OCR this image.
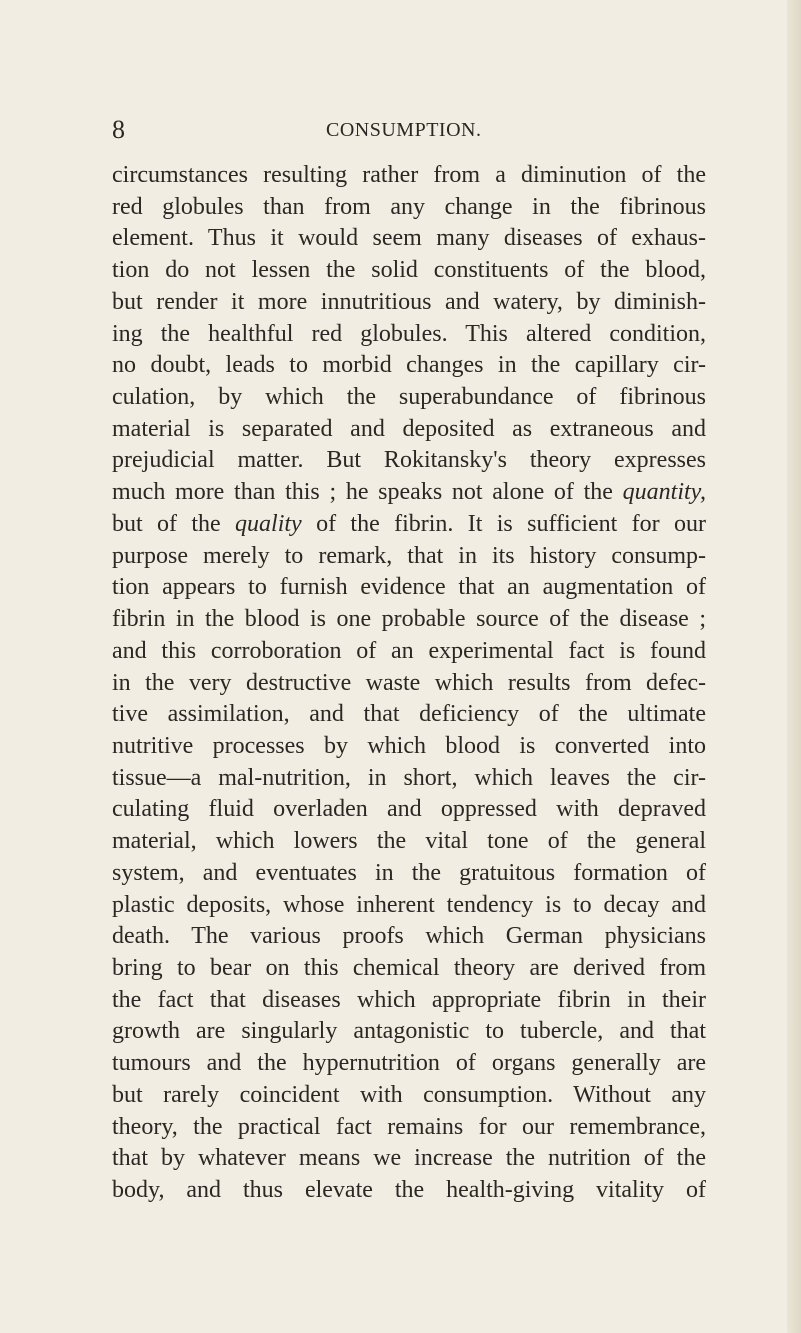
8	CONSUMPTION.
circumstances resulting rather from a diminution of the
red globules than from any change in the fibrinous
element. Thus it would seem many diseases of exhaus-
tion do not lessen the solid constituents of the blood,
but render it more innutritious and watery, by diminish-
ing the healthful red globules. This altered condition,
no doubt, leads to morbid changes in the capillary cir-
culation, by which the superabundance of fibrinous
material is separated and deposited as extraneous and
prejudicial matter. But Rokitansky's theory expresses
much more than this ; he speaks not alone of the quantity,
but of the quality of the fibrin. It is sufficient for our
purpose merely to remark, that in its history consump-
tion appears to furnish evidence that an augmentation of
fibrin in the blood is one probable source of the disease ;
and this corroboration of an experimental fact is found
in the very destructive waste which results from defec-
tive assimilation, and that deficiency of the ultimate
nutritive processes by which blood is converted into
tissue—a mal-nutrition, in short, which leaves the cir-
culating fluid overladen and oppressed with depraved
material, which lowers the vital tone of the general
system, and eventuates in the gratuitous formation of
plastic deposits, whose inherent tendency is to decay and
death. The various proofs which German physicians
bring to bear on this chemical theory are derived from
the fact that diseases which appropriate fibrin in their
growth are singularly antagonistic to tubercle, and that
tumours and the hypernutrition of organs generally are
but rarely coincident with consumption. Without any
theory, the practical fact remains for our remembrance,
that by whatever means we increase the nutrition of the
body, and thus elevate the health-giving vitality of
